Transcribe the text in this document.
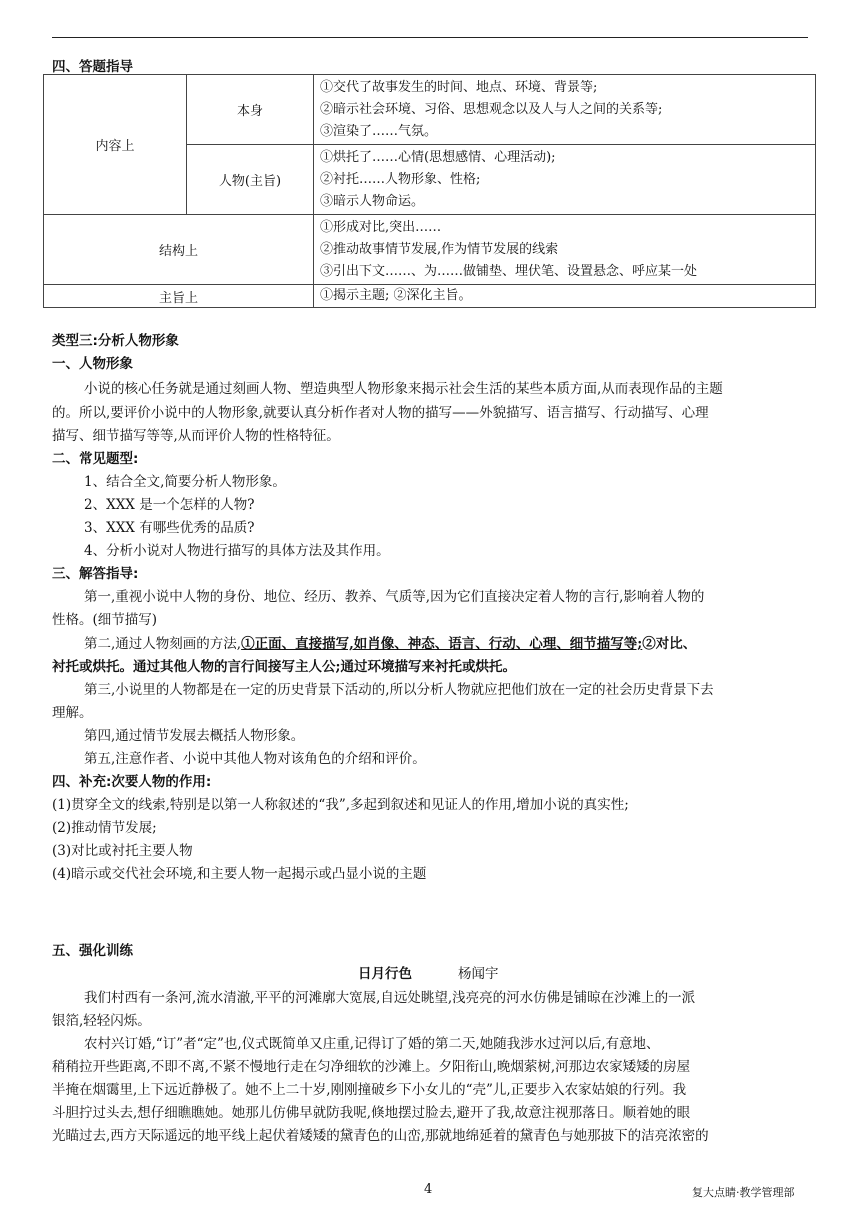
四、答题指导
内容上	本身	①交代了故事发生的时间、地点、环境、背景等;
②暗示社会环境、习俗、思想观念以及人与人之间的关系等;
③渲染了……气氛。

	人物(主旨)	①烘托了……心情(思想感情、心理活动);
②衬托……人物形象、性格;
③暗示人物命运。

结构上		①形成对比,突出……
②推动故事情节发展,作为情节发展的线索
③引出下文……、为……做铺垫、埋伏笔、设置悬念、呼应某一处

主旨上		①揭示主题; ②深化主旨。
类型三:分析人物形象
一、人物形象
小说的核心任务就是通过刻画人物、塑造典型人物形象来揭示社会生活的某些本质方面,从而表现作品的主题
的。所以,要评价小说中的人物形象,就要认真分析作者对人物的描写——外貌描写、语言描写、行动描写、心理
描写、细节描写等等,从而评价人物的性格特征。
二、常见题型:
1、结合全文,简要分析人物形象。
2、XXX 是一个怎样的人物?
3、XXX 有哪些优秀的品质?
4、分析小说对人物进行描写的具体方法及其作用。
三、解答指导:
第一,重视小说中人物的身份、地位、经历、教养、气质等,因为它们直接决定着人物的言行,影响着人物的
性格。(细节描写)
第二,通过人物刻画的方法,①正面、直接描写,如肖像、神态、语言、行动、心理、细节描写等;②对比、
衬托或烘托。通过其他人物的言行间接写主人公;通过环境描写来衬托或烘托。
第三,小说里的人物都是在一定的历史背景下活动的,所以分析人物就应把他们放在一定的社会历史背景下去
理解。
第四,通过情节发展去概括人物形象。
第五,注意作者、小说中其他人物对该角色的介绍和评价。
四、补充:次要人物的作用:
(1)贯穿全文的线索,特别是以第一人称叙述的“我”,多起到叙述和见证人的作用,增加小说的真实性;
(2)推动情节发展;
(3)对比或衬托主要人物
(4)暗示或交代社会环境,和主要人物一起揭示或凸显小说的主题
五、强化训练
日月行色	杨闻宇
我们村西有一条河,流水清澈,平平的河滩廓大宽展,自远处眺望,浅亮亮的河水仿佛是铺晾在沙滩上的一派
银箔,轻轻闪烁。
农村兴订婚,“订”者“定”也,仪式既简单又庄重,记得订了婚的第二天,她随我涉水过河以后,有意地、
稍稍拉开些距离,不即不离,不紧不慢地行走在匀净细软的沙滩上。夕阳衔山,晚烟萦树,河那边农家矮矮的房屋
半掩在烟霭里,上下远近静极了。她不上二十岁,刚刚撞破乡下小女儿的“壳”儿,正要步入农家姑娘的行列。我
斗胆拧过头去,想仔细瞧瞧她。她那儿仿佛早就防我呢,倏地摆过脸去,避开了我,故意注视那落日。顺着她的眼
光瞄过去,西方天际遥远的地平线上起伏着矮矮的黛青色的山峦,那就地绵延着的黛青色与她那披下的洁亮浓密的
4	复大点睛·教学管理部
